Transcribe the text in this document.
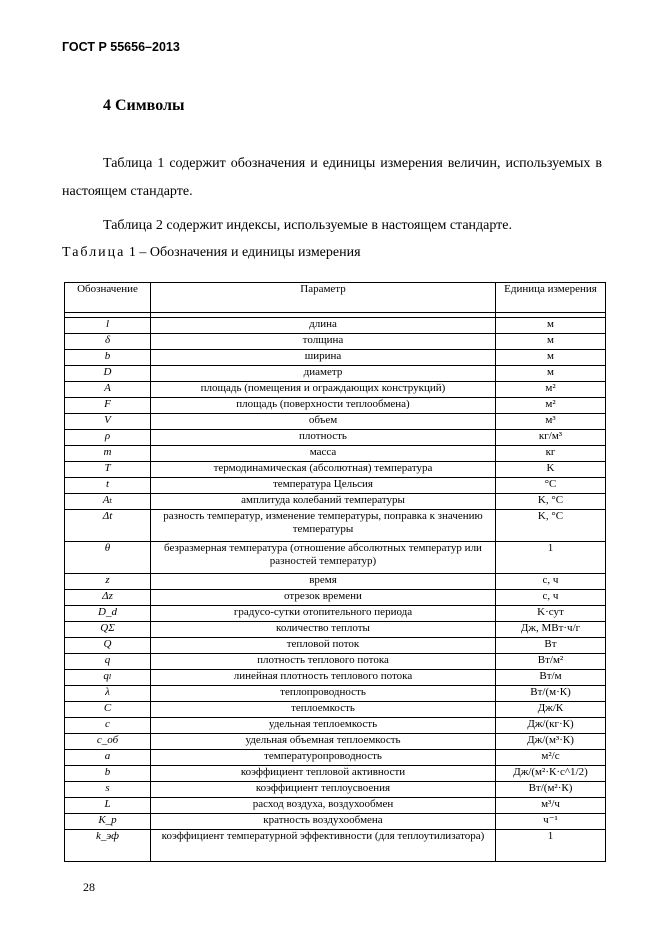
ГОСТ Р 55656–2013
4 Символы
Таблица 1 содержит обозначения и единицы измерения величин, используемых в настоящем стандарте.
Таблица 2 содержит индексы, используемые в настоящем стандарте.
Таблица 1 – Обозначения и единицы измерения
Обозначение	Параметр	Единица измерения

l	длина	м
δ	толщина	м
b	ширина	м
D	диаметр	м
A	площадь (помещения и ограждающих конструкций)	м²
F	площадь (поверхности теплообмена)	м²
V	объем	м³
ρ	плотность	кг/м³
m	масса	кг
T	термодинамическая (абсолютная) температура	K
t	температура Цельсия	°C
Aₜ	амплитуда колебаний температуры	K, °C
Δt	разность температур, изменение температуры, поправка к значению температуры	K, °C
θ	безразмерная температура (отношение абсолютных температур или разностей температур)	1
z	время	с, ч
Δz	отрезок времени	с, ч
D_d	градусо-сутки отопительного периода	K·сут
QΣ	количество теплоты	Дж, МВт·ч/г
Q	тепловой поток	Вт
q	плотность теплового потока	Вт/м²
qₗ	линейная плотность теплового потока	Вт/м
λ	теплопроводность	Вт/(м·К)
C	теплоемкость	Дж/К
c	удельная теплоемкость	Дж/(кг·К)
c_об	удельная объемная теплоемкость	Дж/(м³·К)
a	температуропроводность	м²/с
b	коэффициент тепловой активности	Дж/(м²·К·с^1/2)
s	коэффициент теплоусвоения	Вт/(м²·К)
L	расход воздуха, воздухообмен	м³/ч
K_p	кратность воздухообмена	ч⁻¹
k_эф	коэффициент температурной эффективности (для теплоутилизатора)	1
28
